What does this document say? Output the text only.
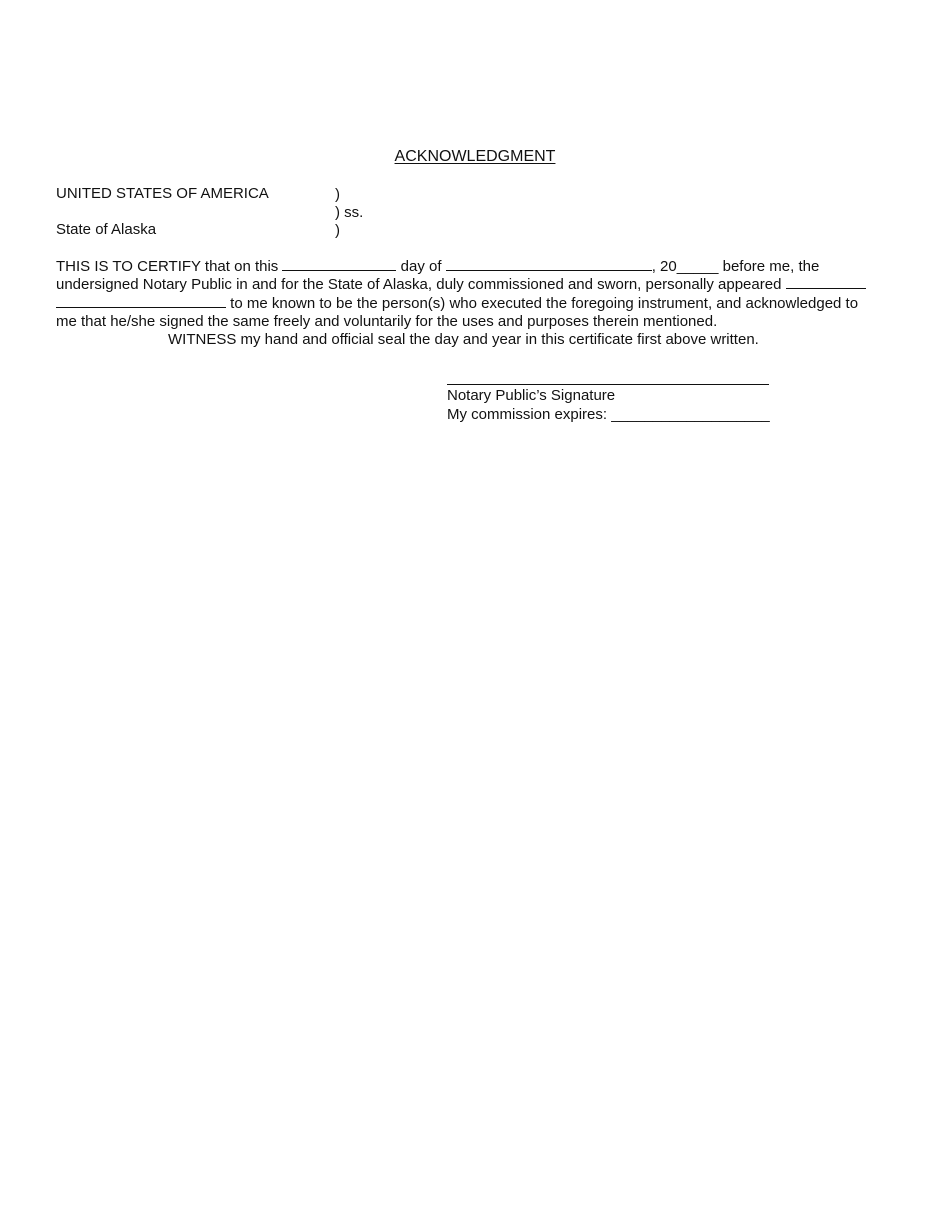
ACKNOWLEDGMENT
UNITED STATES OF AMERICA
State of Alaska
)
) ss.
)
THIS IS TO CERTIFY that on this	day of	, 20_____ before me, the
undersigned Notary Public in and for the State of Alaska, duly commissioned and sworn, personally appeared
to me known to be the person(s) who executed the foregoing instrument, and acknowledged to
me that he/she signed the same freely and voluntarily for the uses and purposes therein mentioned.
WITNESS my hand and official seal the day and year in this certificate first above written.
Notary Public’s Signature
My commission expires: ___________________
